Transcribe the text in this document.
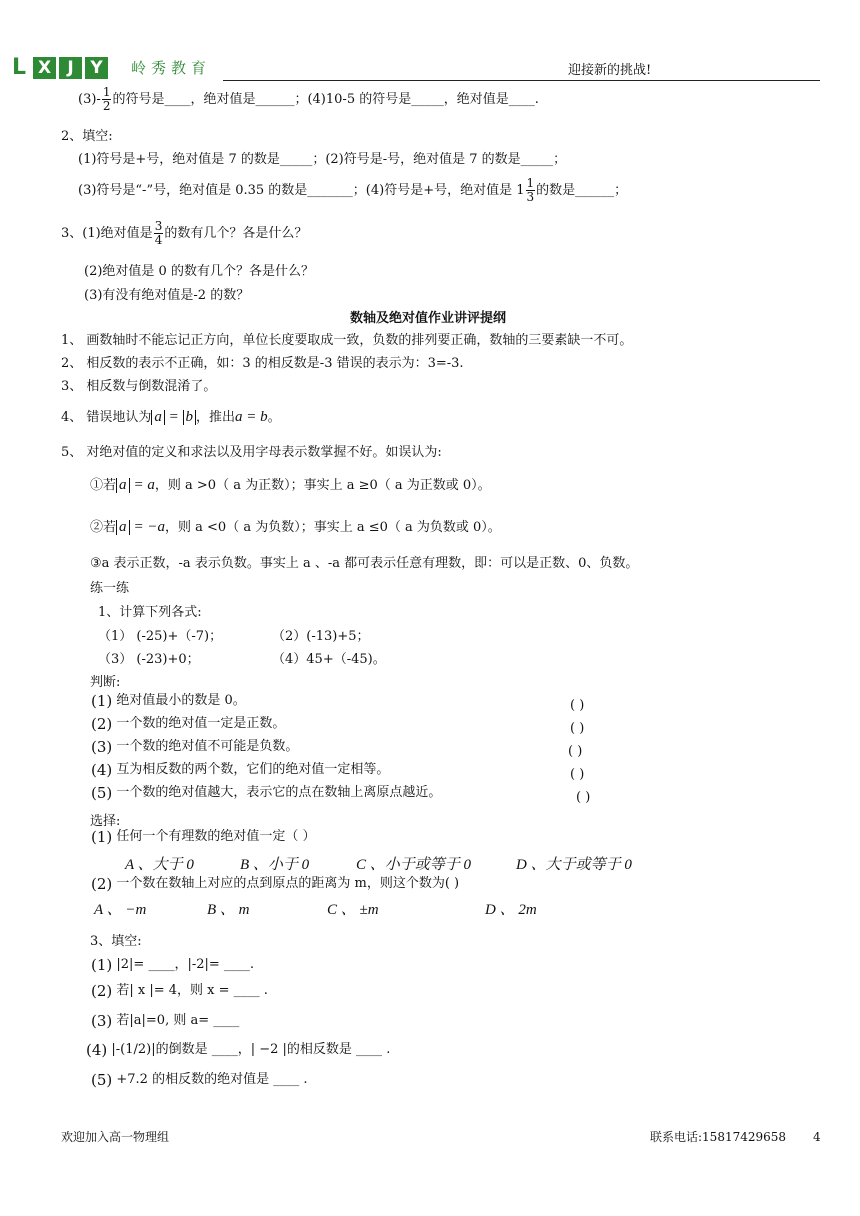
L X J Y	岭秀教育	迎接新的挑战!
$(3) - \frac{1}{2}$ 的符号是____，绝对值是______；(4)10-5 的符号是_____，绝对值是____.
2、填空:
(1)符号是+号，绝对值是 7 的数是_____；(2)符号是-号，绝对值是 7 的数是_____；
(3)符号是“-”号，绝对值是 0.35 的数是_______；(4)符号是+号，绝对值是 $1 \frac{1}{3}$ 的数是______；
3、(1)绝对值是 $\frac{3}{4}$ 的数有几个？各是什么？
(2)绝对值是 0 的数有几个？各是什么？
(3)有没有绝对值是-2 的数？
数轴及绝对值作业讲评提纲
1、 画数轴时不能忘记正方向，单位长度要取成一致，负数的排列要正确，数轴的三要素缺一不可。
2、 相反数的表示不正确，如：3 的相反数是-3 错误的表示为：3=-3.
3、 相反数与倒数混淆了。
4、 错误地认为 a = b ，推出 a = b 。
5、 对绝对值的定义和求法以及用字母表示数掌握不好。如误认为:
①若 a = a ，则 a >0（ a 为正数）；事实上 a ≥0（ a 为正数或 0）。
②若 a = −a ，则 a <0（ a 为负数）；事实上 a ≤0（ a 为负数或 0）。
③a 表示正数，-a 表示负数。事实上 a 、-a 都可表示任意有理数，即：可以是正数、0、负数。
练一练
1、计算下列各式:
（1） (-25)+（-7)；	（2）(-13)+5；
（3） (-23)+0；	（4）45+（-45)。
判断:
(1) 绝对值最小的数是 0。	( )
(2) 一个数的绝对值一定是正数。	( )
(3) 一个数的绝对值不可能是负数。	( )
(4) 互为相反数的两个数，它们的绝对值一定相等。	( )
(5) 一个数的绝对值越大，表示它的点在数轴上离原点越近。	( )
选择:
(1) 任何一个有理数的绝对值一定（ ）
A 、大于 0	B 、小于 0	C 、小于或等于 0	D 、大于或等于 0
(2) 一个数在数轴上对应的点到原点的距离为 m，则这个数为( )
A 、 −m	B 、 m	C 、 ±m	D 、 2m
3、填空:
(1) |2|= ____，|-2|= ____.
(2) 若| x |= 4，则 x = ____ .
(3) 若|a|=0, 则 a= ____
(4) |-(1/2)|的倒数是 ____，| −2 |的相反数是 ____ .
(5) +7.2 的相反数的绝对值是 ____ .
欢迎加入高一物理组	联系电话:15817429658 4
